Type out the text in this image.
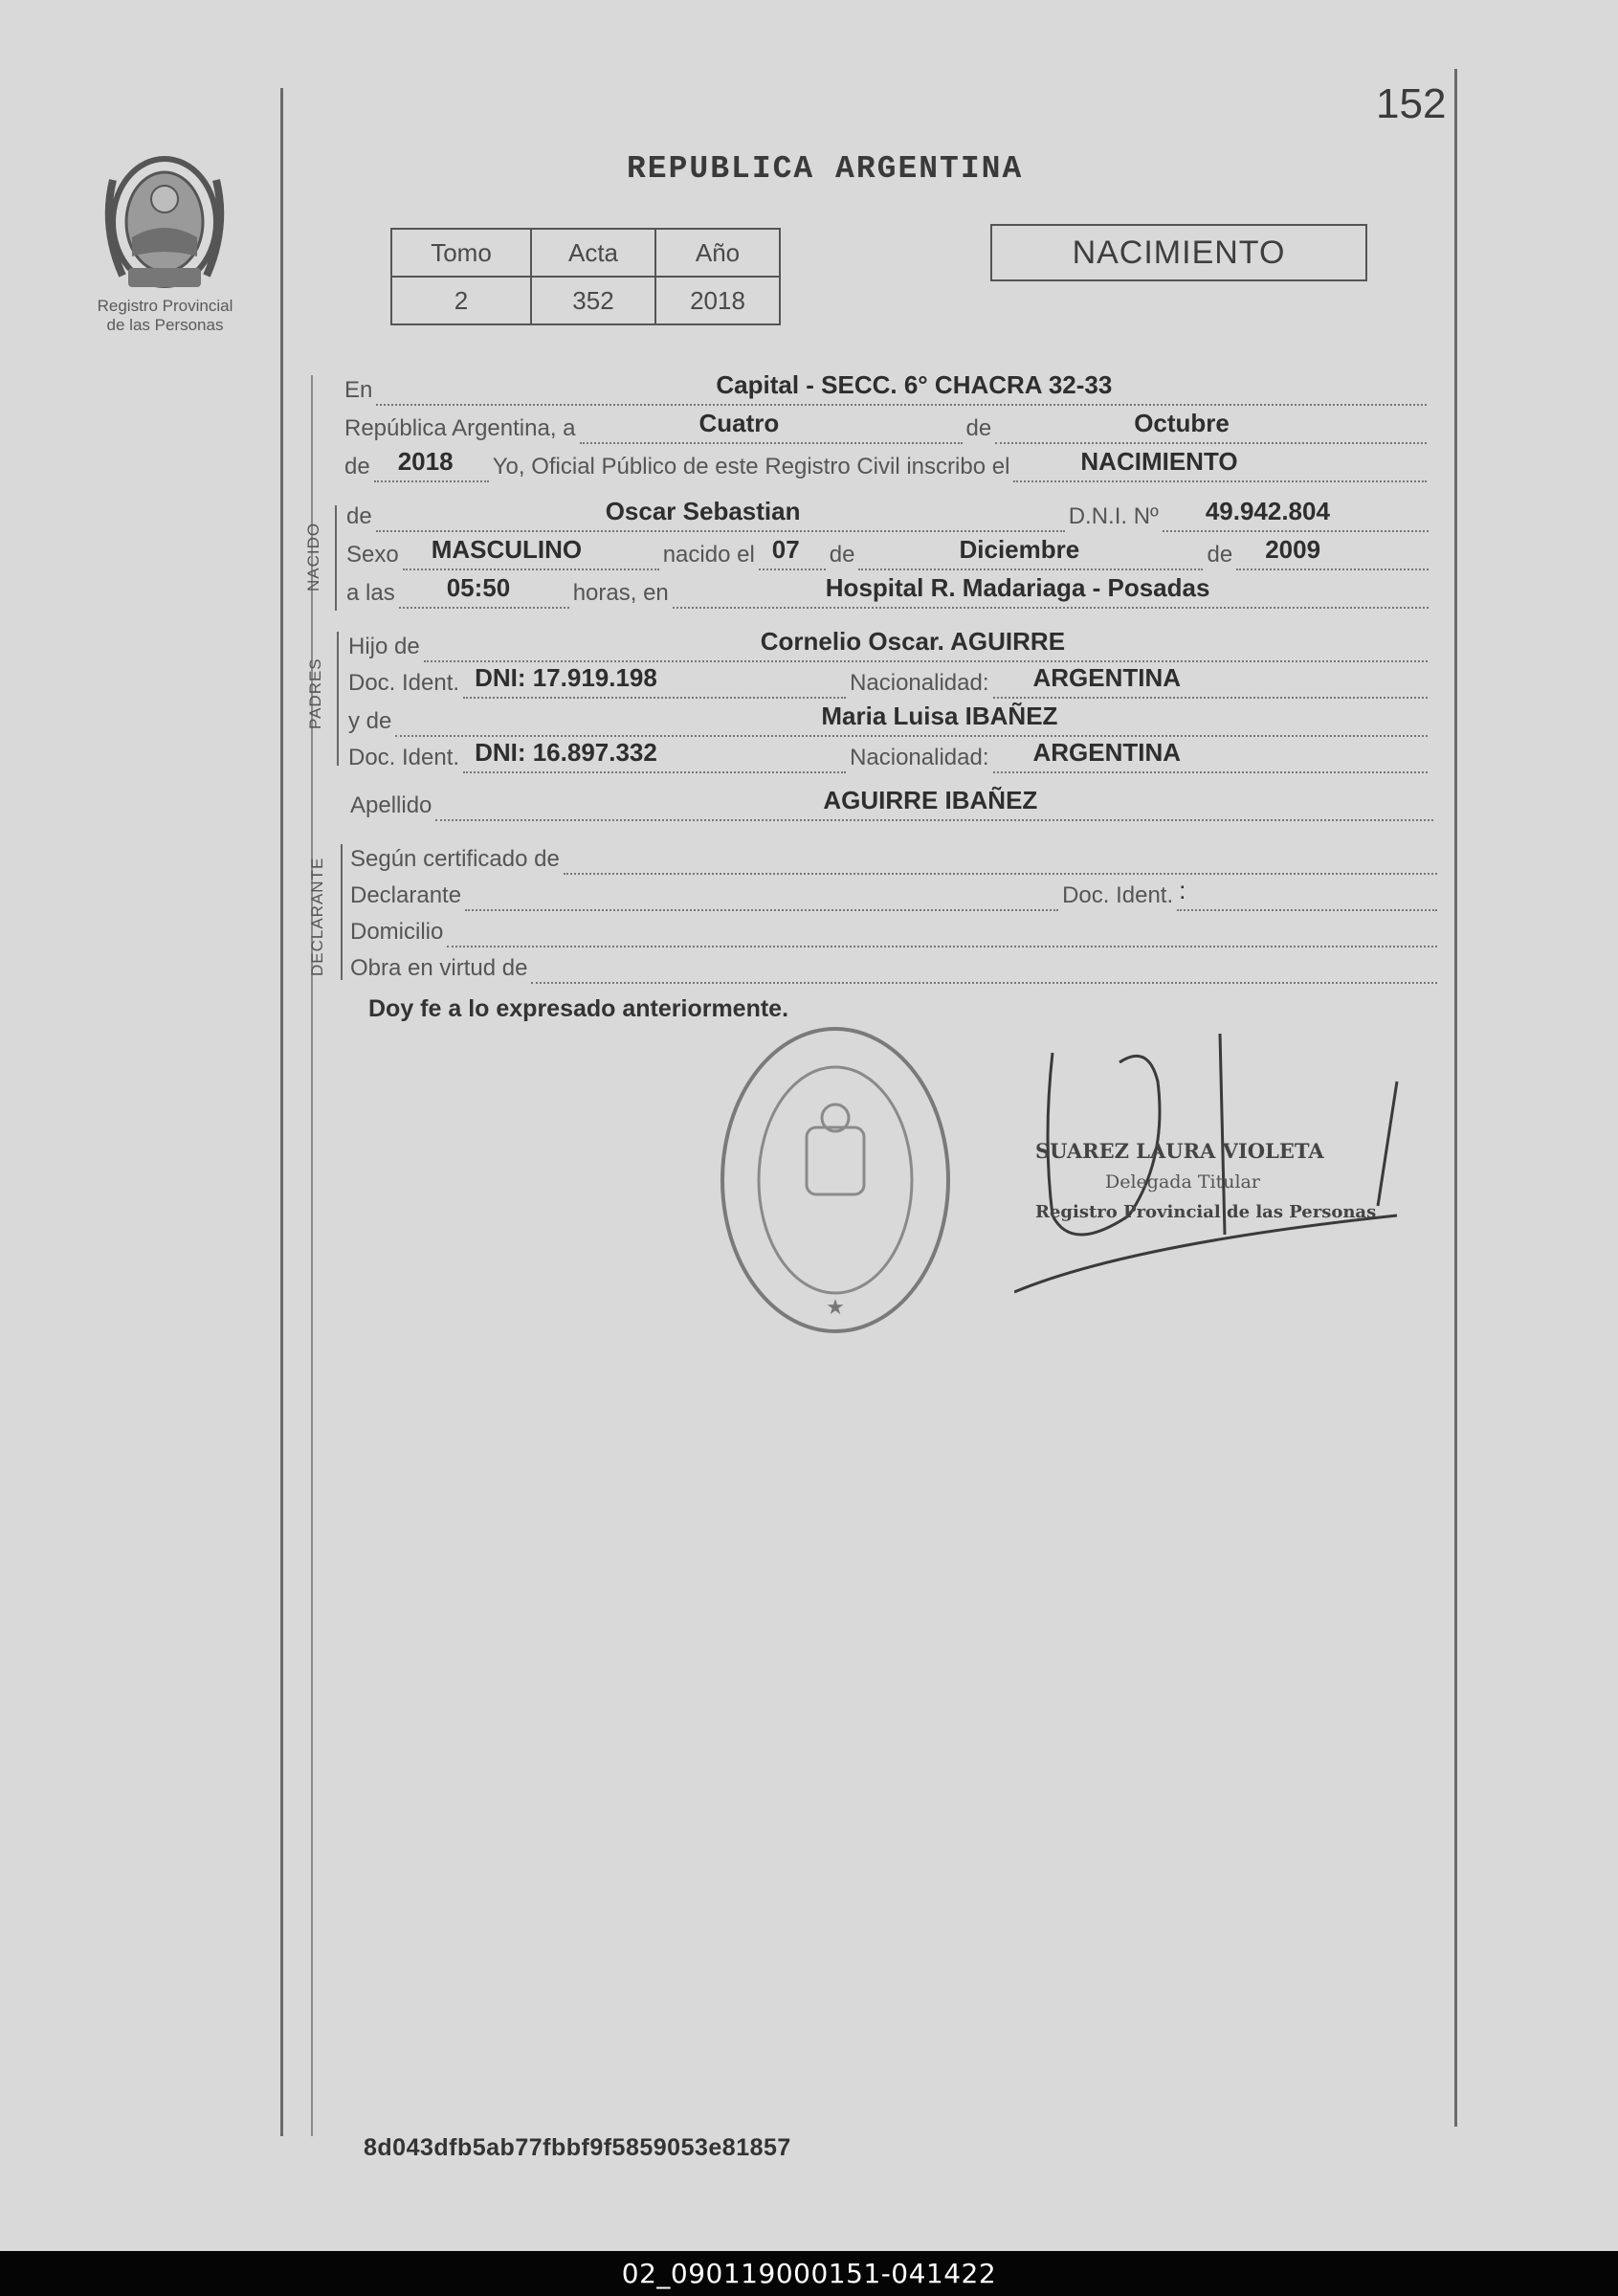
152
Registro Provincial
de las Personas
REPUBLICA ARGENTINA
Tomo	Acta	Año
2	352	2018
NACIMIENTO
En	Capital - SECC. 6° CHACRA 32-33
República Argentina, a	Cuatro	de	Octubre
de 2018 Yo, Oficial Público de este Registro Civil inscribo el	NACIMIENTO
NACIDO
de	Oscar Sebastian	D.N.I. Nº 49.942.804
Sexo MASCULINO	nacido el 07 de	Diciembre	de 2009
a las 05:50	horas, en	Hospital R. Madariaga - Posadas
PADRES
Hijo de	Cornelio Oscar. AGUIRRE
Doc. Ident. DNI: 17.919.198	Nacionalidad: ARGENTINA
y de	Maria Luisa IBAÑEZ
Doc. Ident. DNI: 16.897.332	Nacionalidad: ARGENTINA
Apellido	AGUIRRE IBAÑEZ
DECLARANTE Según certificado de
Declarante	Doc. Ident. :
Domicilio
Obra en virtud de
Doy fe a lo expresado anteriormente.
★
SUAREZ LAURA VIOLETA
Delegada Titular
Registro Provincial de las Personas
8d043dfb5ab77fbbf9f5859053e81857
02_090119000151-041422
